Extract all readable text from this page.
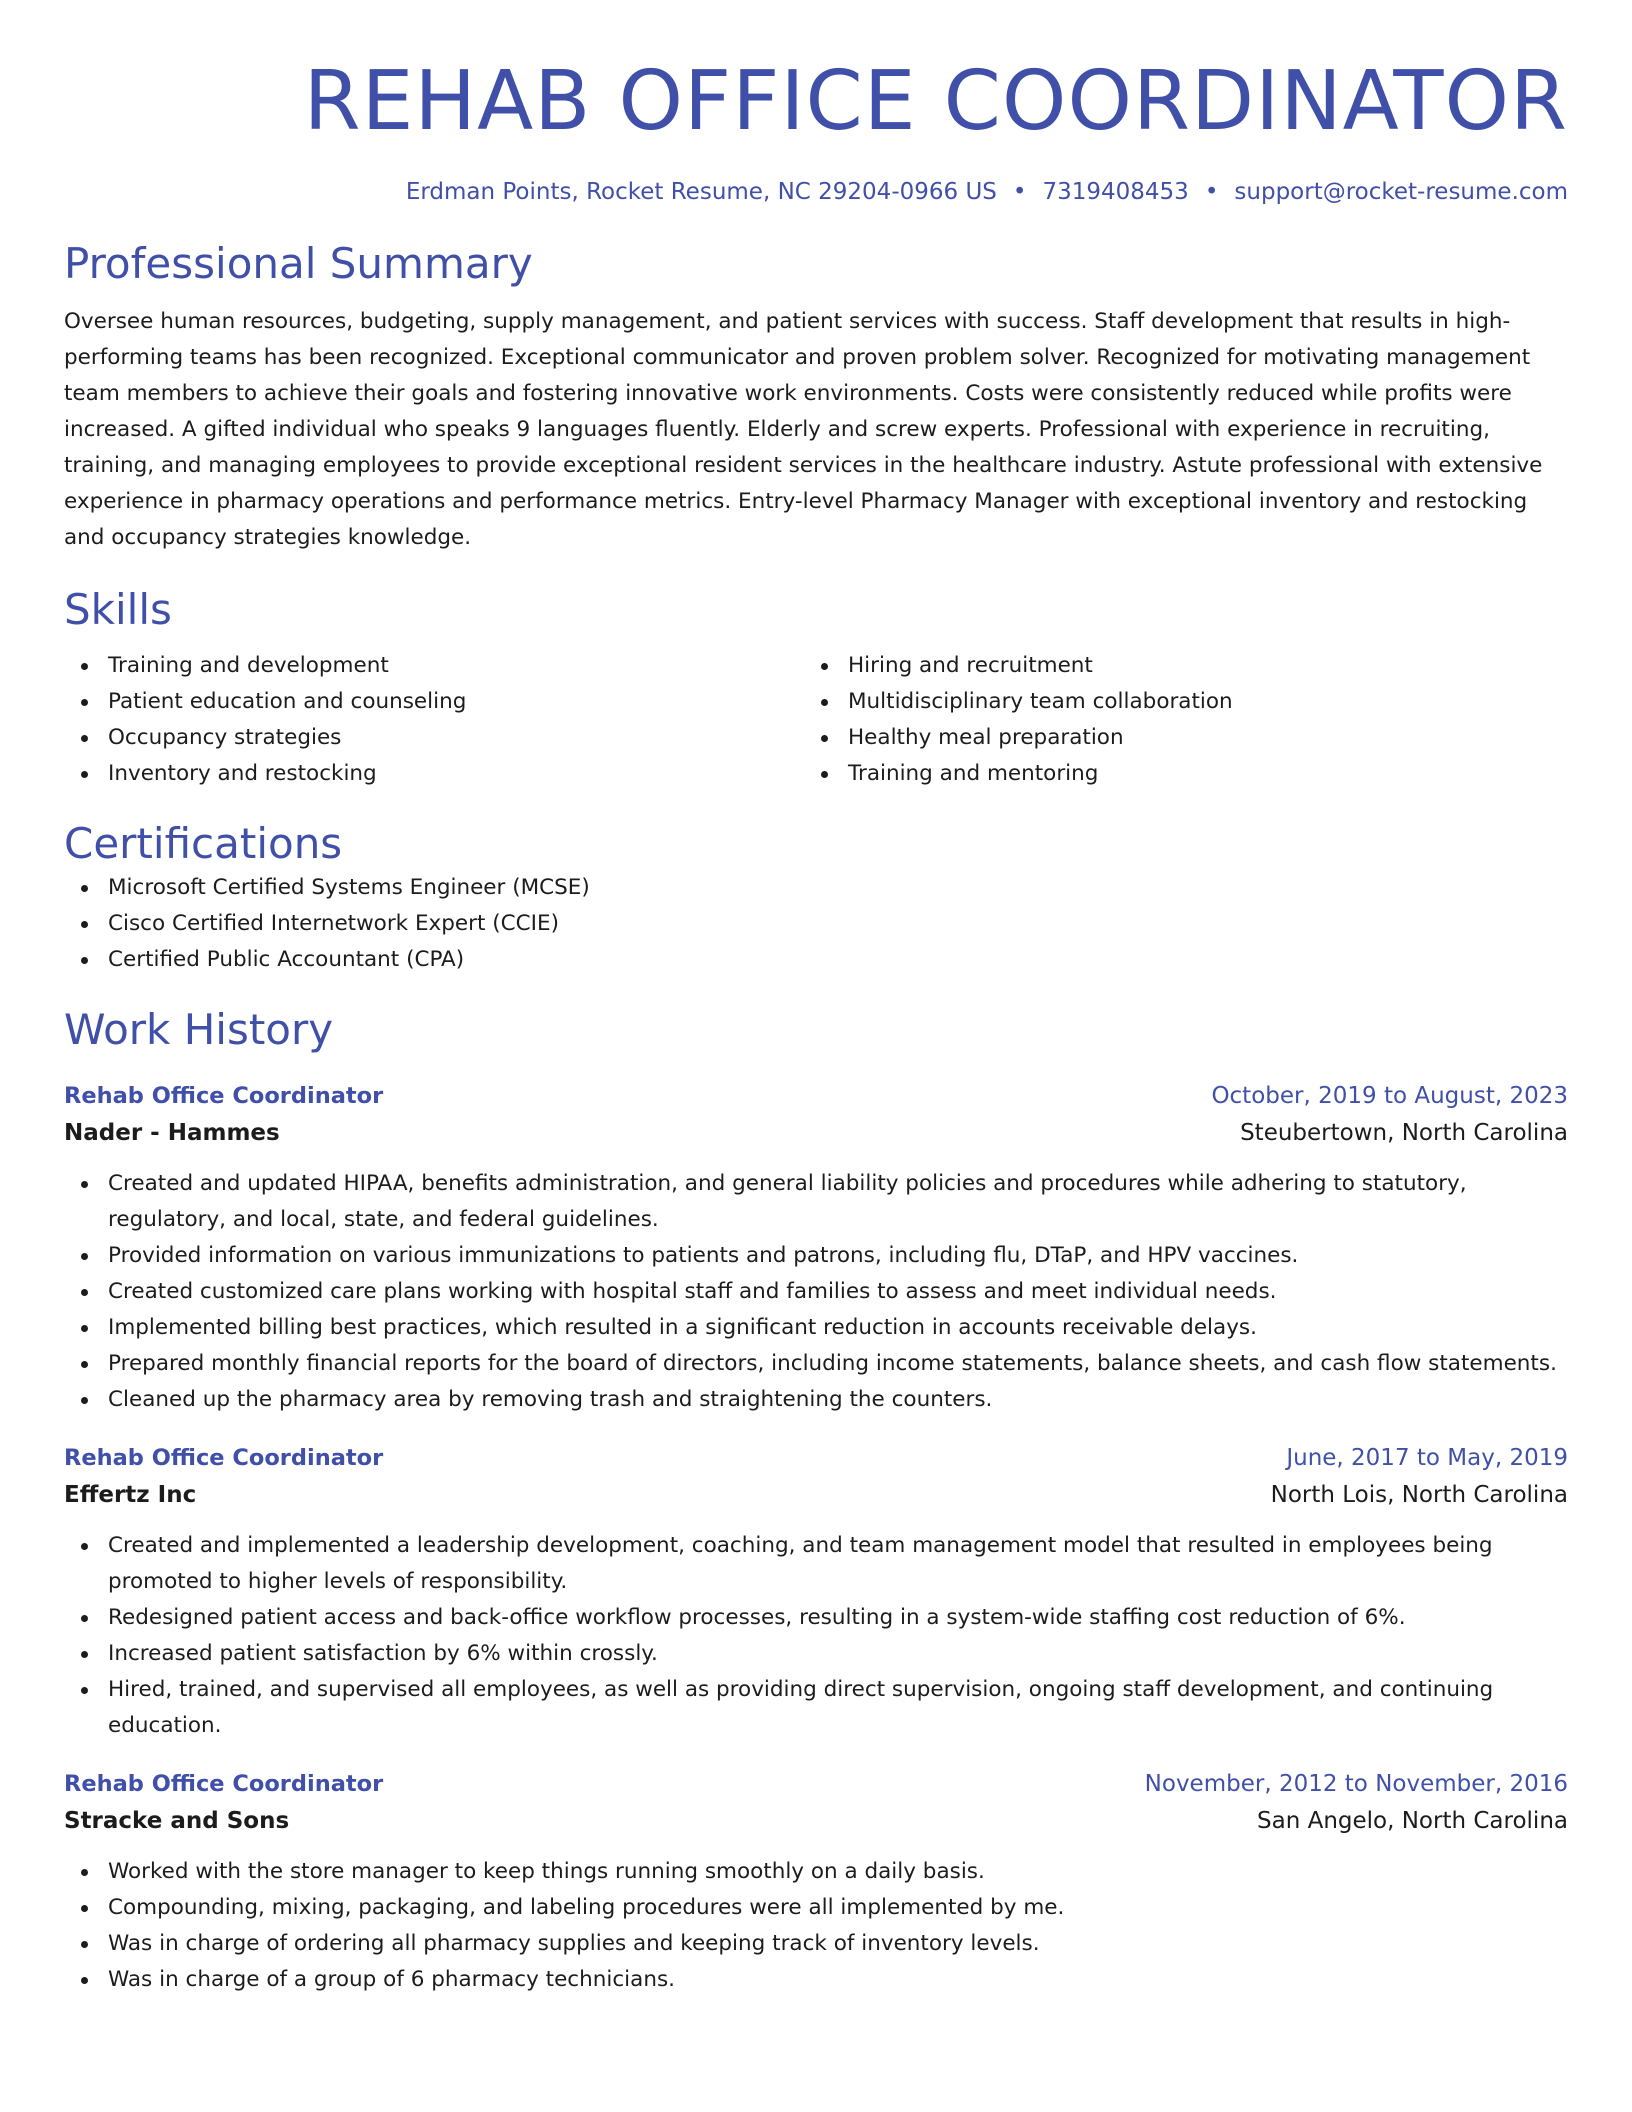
REHAB OFFICE COORDINATOR
Erdman Points, Rocket Resume, NC 29204-0966 US • 7319408453 • support@rocket-resume.com
Professional Summary

Oversee human resources, budgeting, supply management, and patient services with success. Staff development that results in high-performing teams has been recognized. Exceptional communicator and proven problem solver. Recognized for motivating management team members to achieve their goals and fostering innovative work environments. Costs were consistently reduced while profits were increased. A gifted individual who speaks 9 languages fluently. Elderly and screw experts. Professional with experience in recruiting, training, and managing employees to provide exceptional resident services in the healthcare industry. Astute professional with extensive experience in pharmacy operations and performance metrics. Entry-level Pharmacy Manager with exceptional inventory and restocking and occupancy strategies knowledge.

Skills
Training and development
Patient education and counseling
Occupancy strategies
Inventory and restocking
Hiring and recruitment
Multidisciplinary team collaboration
Healthy meal preparation
Training and mentoring
Certifications
Microsoft Certified Systems Engineer (MCSE)
Cisco Certified Internetwork Expert (CCIE)
Certified Public Accountant (CPA)
Work History
Rehab Office Coordinator	October, 2019 to August, 2023
Nader - Hammes	Steubertown, North Carolina
Created and updated HIPAA, benefits administration, and general liability policies and procedures while adhering to statutory, regulatory, and local, state, and federal guidelines.
Provided information on various immunizations to patients and patrons, including flu, DTaP, and HPV vaccines.
Created customized care plans working with hospital staff and families to assess and meet individual needs.
Implemented billing best practices, which resulted in a significant reduction in accounts receivable delays.
Prepared monthly financial reports for the board of directors, including income statements, balance sheets, and cash flow statements.
Cleaned up the pharmacy area by removing trash and straightening the counters.
Rehab Office Coordinator	June, 2017 to May, 2019
Effertz Inc	North Lois, North Carolina
Created and implemented a leadership development, coaching, and team management model that resulted in employees being promoted to higher levels of responsibility.
Redesigned patient access and back-office workflow processes, resulting in a system-wide staffing cost reduction of 6%.
Increased patient satisfaction by 6% within crossly.
Hired, trained, and supervised all employees, as well as providing direct supervision, ongoing staff development, and continuing education.
Rehab Office Coordinator	November, 2012 to November, 2016
Stracke and Sons	San Angelo, North Carolina
Worked with the store manager to keep things running smoothly on a daily basis.
Compounding, mixing, packaging, and labeling procedures were all implemented by me.
Was in charge of ordering all pharmacy supplies and keeping track of inventory levels.
Was in charge of a group of 6 pharmacy technicians.
